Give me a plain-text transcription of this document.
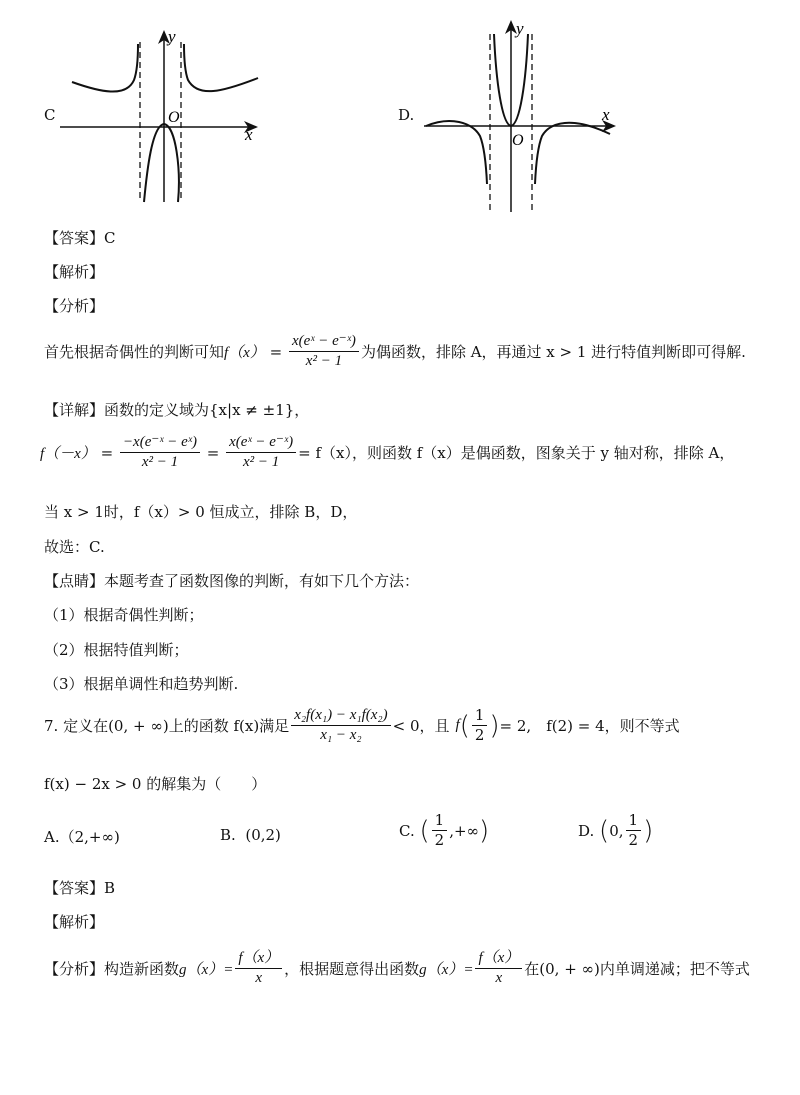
C
y
x
O	D.
y
x
O
【答案】C
【解析】
【分析】
首先根据奇偶性的判断可知 $f(x) = \frac{\text{x(eˣ − e⁻ˣ)}}{\text{x² − 1}}$ 为偶函数，排除 A，再通过 x > 1 进行特值判断即可得解.
【详解】函数的定义域为{x|x ≠ ±1}，
$f(-x) = \frac{\text{−x(e⁻ˣ − eˣ)}}{\text{x² − 1}} = \frac{\text{x(eˣ − e⁻ˣ)}}{\text{x² − 1}} = f(x)$，则函数 f（x）是偶函数，图象关于 y 轴对称，排除 A，
当 x > 1时，f（x）> 0 恒成立，排除 B，D，
故选：C.
【点睛】本题考查了函数图像的判断，有如下几个方法：
（1）根据奇偶性判断；
（2）根据特值判断；
（3）根据单调性和趋势判断.
7. 定义在(0, + ∞)上的函数 f(x)满足 $\frac{\text{x₂f(x₁) − x₁f(x₂)}}{\text{x₁ − x₂}} < 0$，且 f ( $\frac{1}{2}$ ) = 2,　f(2) = 4，则不等式
f(x) − 2x > 0 的解集为（　　）
A.（2,+∞)	B. (0,2)	C.
( $\frac{1}{2}$ ,+∞ )	D.
( 0, $\frac{1}{2}$ )
【答案】B
【解析】
【分析】 构造新函数 $g(x)= \frac{f(x)}{x}$ ，根据题意得出函数 $g(x)= \frac{f(x)}{x}$ 在(0, + ∞)内单调递减；把不等式
